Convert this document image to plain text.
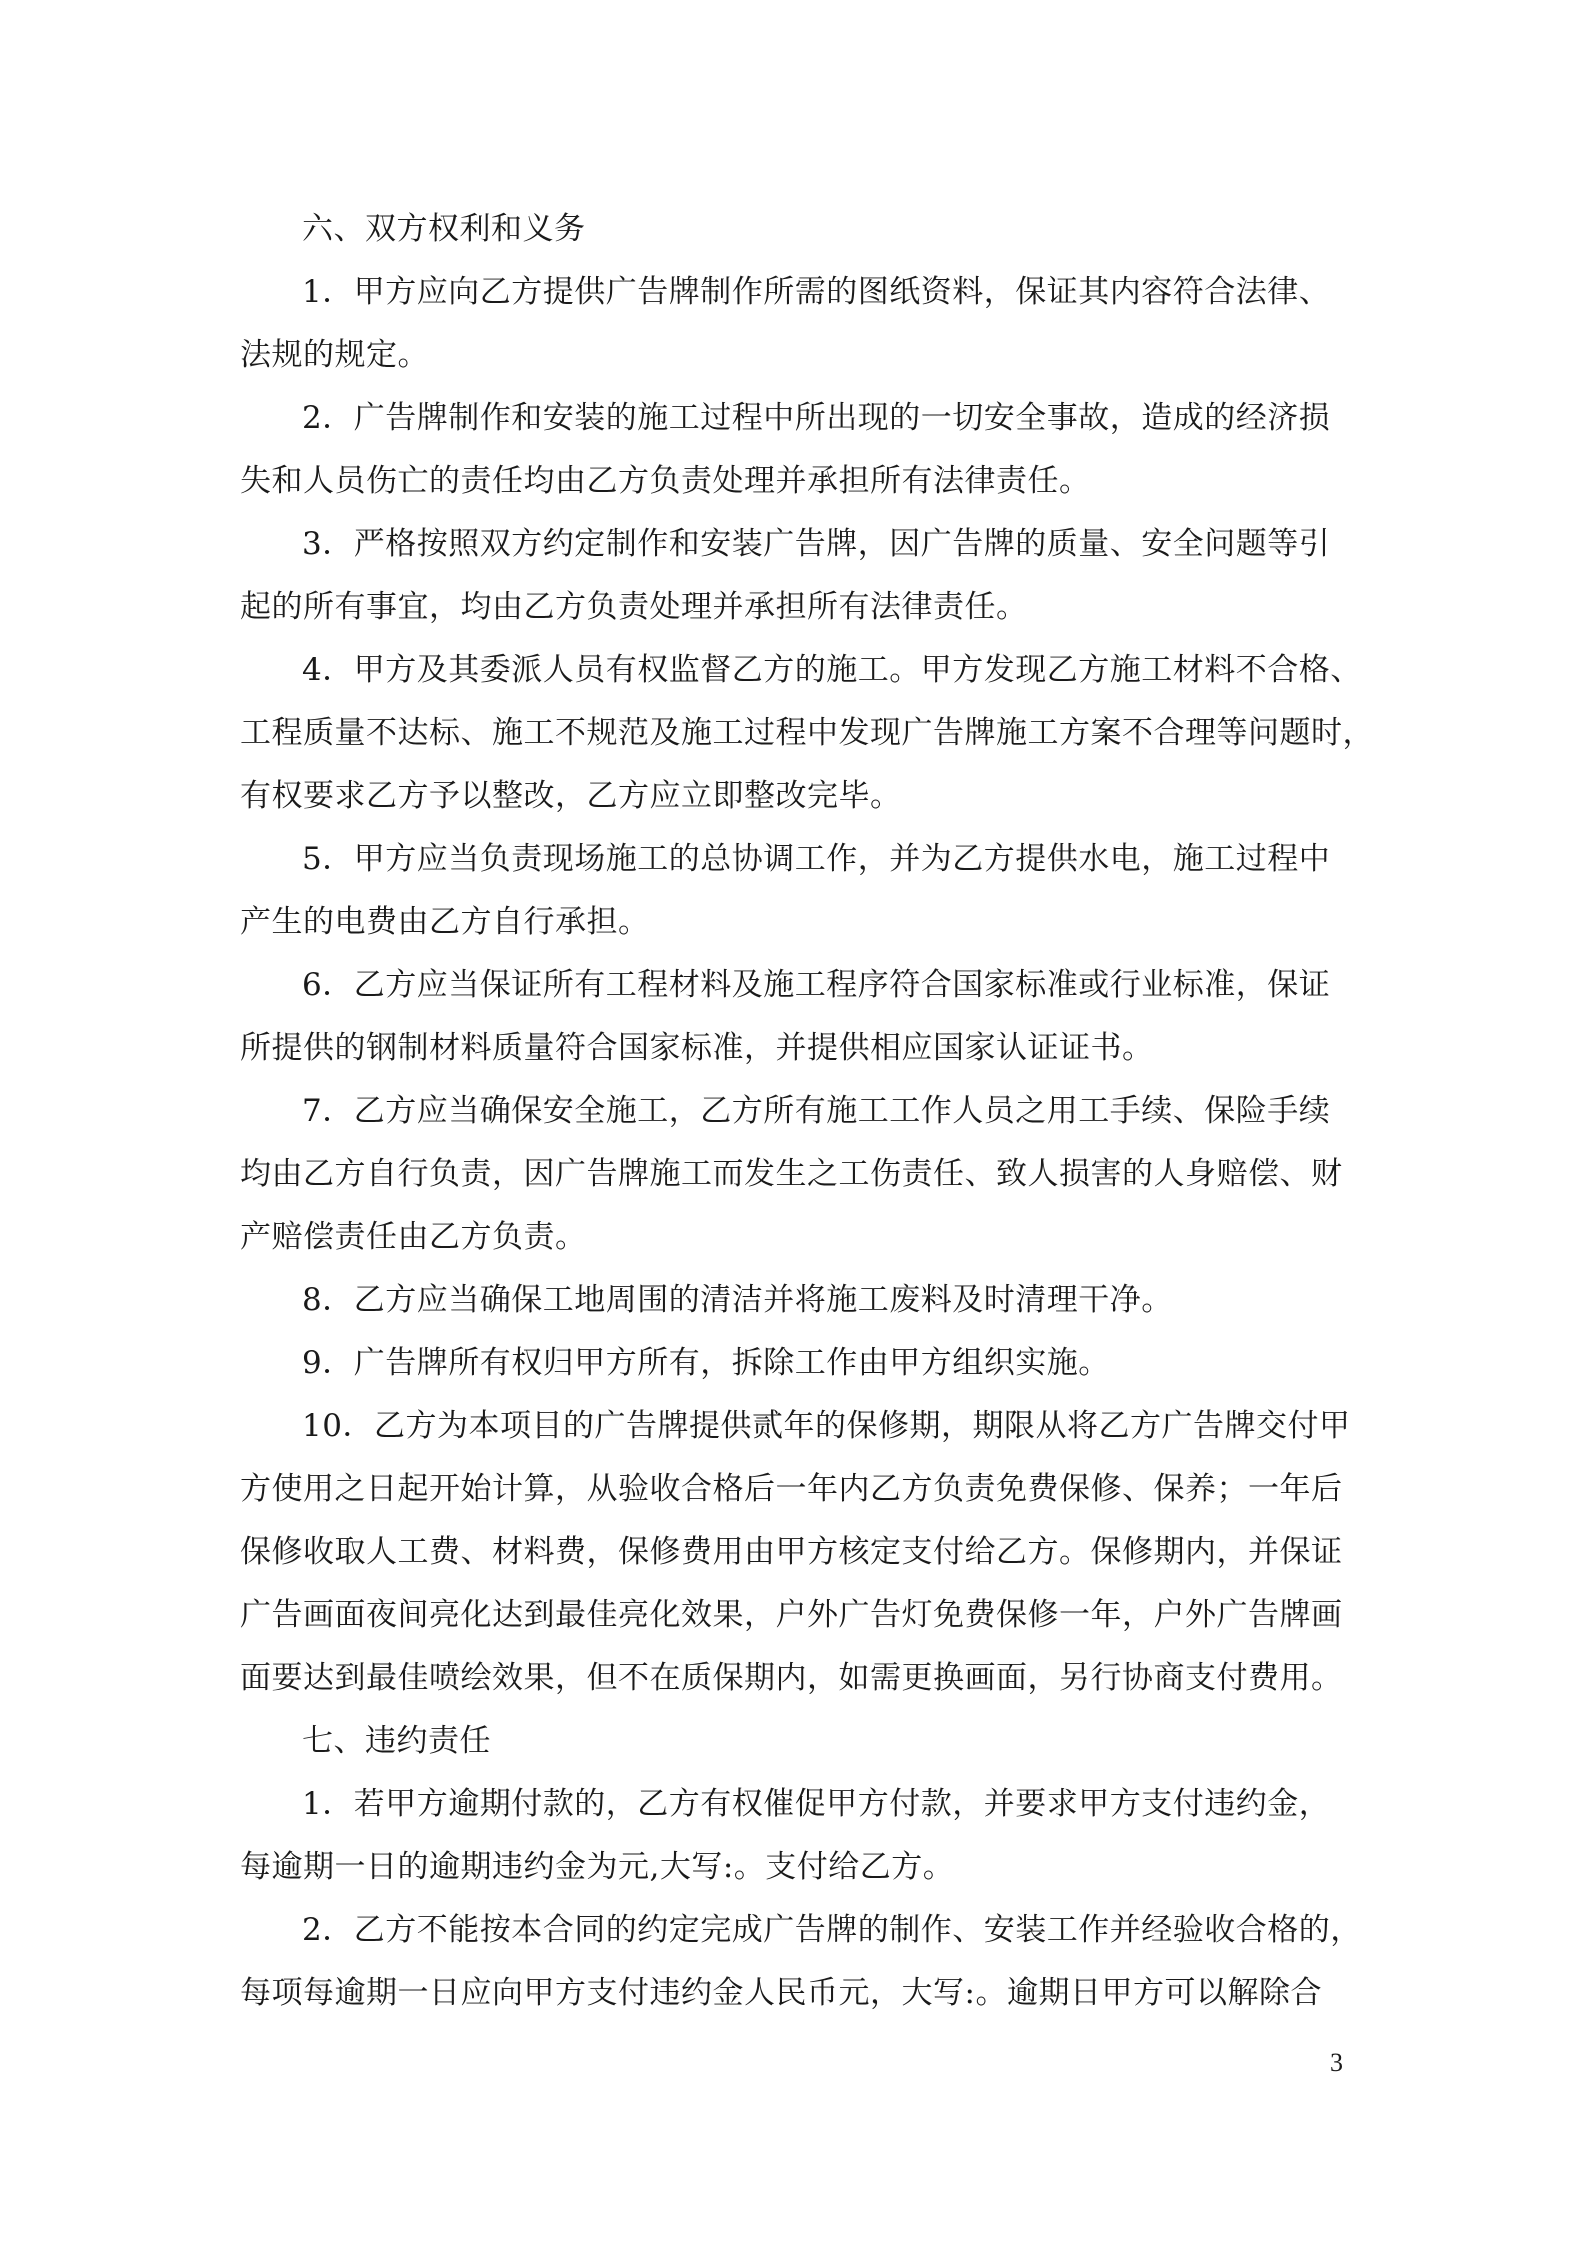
六、双方权利和义务
1．甲方应向乙方提供广告牌制作所需的图纸资料，保证其内容符合法律、
法规的规定。
2．广告牌制作和安装的施工过程中所出现的一切安全事故，造成的经济损
失和人员伤亡的责任均由乙方负责处理并承担所有法律责任。
3．严格按照双方约定制作和安装广告牌，因广告牌的质量、安全问题等引
起的所有事宜，均由乙方负责处理并承担所有法律责任。
4．甲方及其委派人员有权监督乙方的施工。甲方发现乙方施工材料不合格、
工程质量不达标、施工不规范及施工过程中发现广告牌施工方案不合理等问题时，
有权要求乙方予以整改，乙方应立即整改完毕。
5．甲方应当负责现场施工的总协调工作，并为乙方提供水电，施工过程中
产生的电费由乙方自行承担。
6．乙方应当保证所有工程材料及施工程序符合国家标准或行业标准，保证
所提供的钢制材料质量符合国家标准，并提供相应国家认证证书。
7．乙方应当确保安全施工，乙方所有施工工作人员之用工手续、保险手续
均由乙方自行负责，因广告牌施工而发生之工伤责任、致人损害的人身赔偿、财
产赔偿责任由乙方负责。
8．乙方应当确保工地周围的清洁并将施工废料及时清理干净。
9．广告牌所有权归甲方所有，拆除工作由甲方组织实施。
10．乙方为本项目的广告牌提供贰年的保修期，期限从将乙方广告牌交付甲
方使用之日起开始计算，从验收合格后一年内乙方负责免费保修、保养；一年后
保修收取人工费、材料费，保修费用由甲方核定支付给乙方。保修期内，并保证
广告画面夜间亮化达到最佳亮化效果，户外广告灯免费保修一年，户外广告牌画
面要达到最佳喷绘效果，但不在质保期内，如需更换画面，另行协商支付费用。
七、违约责任
1．若甲方逾期付款的，乙方有权催促甲方付款，并要求甲方支付违约金，
每逾期一日的逾期违约金为元,大写:。支付给乙方。
2．乙方不能按本合同的约定完成广告牌的制作、安装工作并经验收合格的，
每项每逾期一日应向甲方支付违约金人民币元，大写:。逾期日甲方可以解除合
3
